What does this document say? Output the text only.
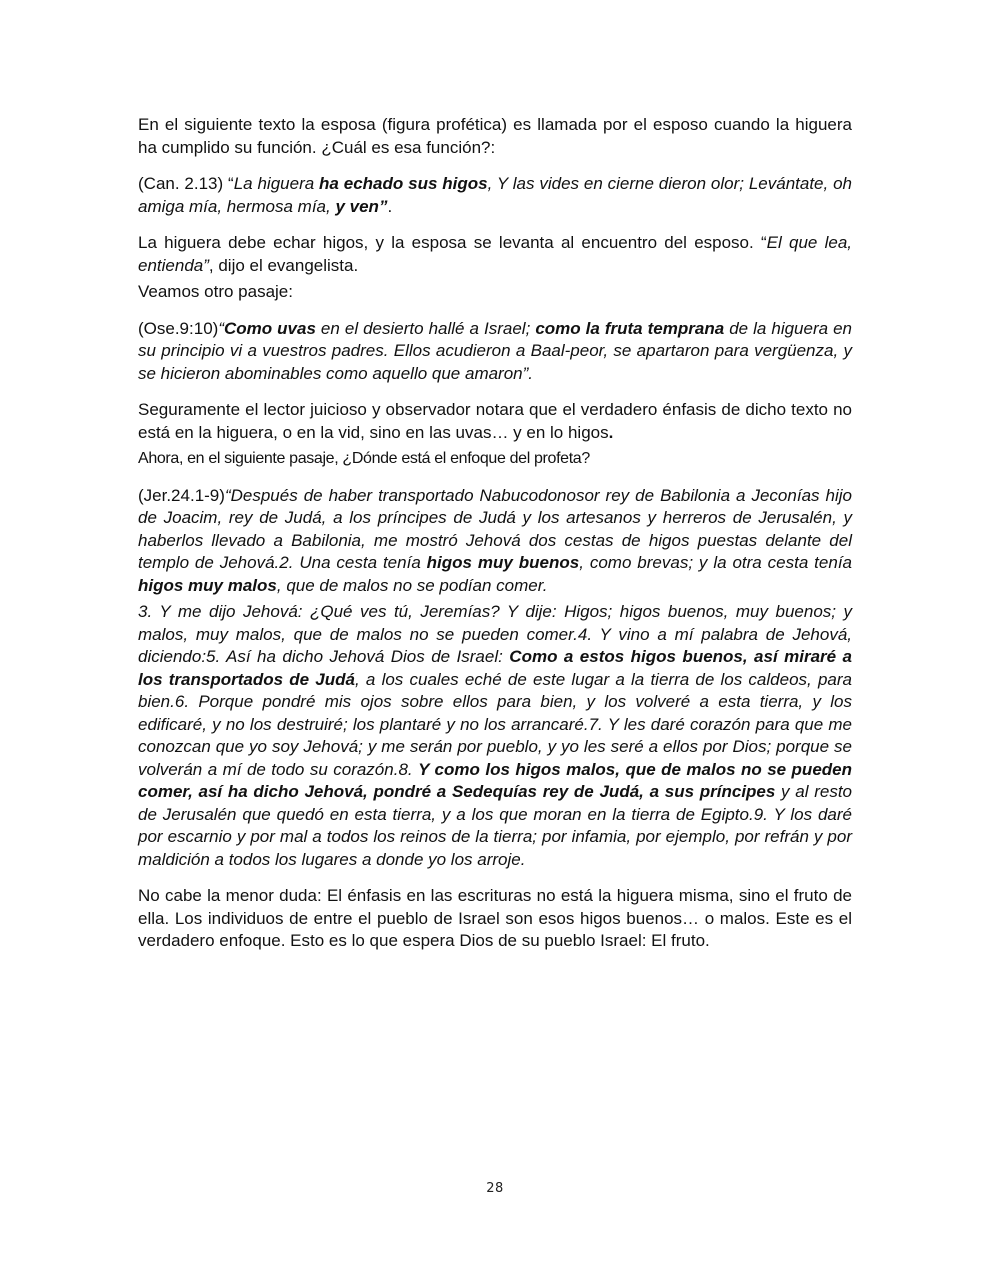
En el siguiente texto la esposa (figura profética) es llamada por el esposo cuando la higuera ha cumplido su función. ¿Cuál es esa función?:

(Can. 2.13) “La higuera ha echado sus higos, Y las vides en cierne dieron olor; Levántate, oh amiga mía, hermosa mía, y ven”.

La higuera debe echar higos, y la esposa se levanta al encuentro del esposo. “El que lea, entienda”, dijo el evangelista.

Veamos otro pasaje:

(Ose.9:10)“Como uvas en el desierto hallé a Israel; como la fruta temprana de la higuera en su principio vi a vuestros padres. Ellos acudieron a Baal-peor, se apartaron para vergüenza, y se hicieron abominables como aquello que amaron”.

Seguramente el lector juicioso y observador notara que el verdadero énfasis de dicho texto no está en la higuera, o en la vid, sino en las uvas… y en lo higos.

Ahora, en el siguiente pasaje, ¿Dónde está el enfoque del profeta?

(Jer.24.1-9)“Después de haber transportado Nabucodonosor rey de Babilonia a Jeconías hijo de Joacim, rey de Judá, a los príncipes de Judá y los artesanos y herreros de Jerusalén, y haberlos llevado a Babilonia, me mostró Jehová dos cestas de higos puestas delante del templo de Jehová.2. Una cesta tenía higos muy buenos, como brevas; y la otra cesta tenía higos muy malos, que de malos no se podían comer.

3. Y me dijo Jehová: ¿Qué ves tú, Jeremías? Y dije: Higos; higos buenos, muy buenos; y malos, muy malos, que de malos no se pueden comer.4. Y vino a mí palabra de Jehová, diciendo:5. Así ha dicho Jehová Dios de Israel: Como a estos higos buenos, así miraré a los transportados de Judá, a los cuales eché de este lugar a la tierra de los caldeos, para bien.6. Porque pondré mis ojos sobre ellos para bien, y los volveré a esta tierra, y los edificaré, y no los destruiré; los plantaré y no los arrancaré.7. Y les daré corazón para que me conozcan que yo soy Jehová; y me serán por pueblo, y yo les seré a ellos por Dios; porque se volverán a mí de todo su corazón.8. Y como los higos malos, que de malos no se pueden comer, así ha dicho Jehová, pondré a Sedequías rey de Judá, a sus príncipes y al resto de Jerusalén que quedó en esta tierra, y a los que moran en la tierra de Egipto.9. Y los daré por escarnio y por mal a todos los reinos de la tierra; por infamia, por ejemplo, por refrán y por maldición a todos los lugares a donde yo los arroje.

No cabe la menor duda: El énfasis en las escrituras no está la higuera misma, sino el fruto de ella. Los individuos de entre el pueblo de Israel son esos higos buenos… o malos. Este es el verdadero enfoque. Esto es lo que espera Dios de su pueblo Israel: El fruto.

28
